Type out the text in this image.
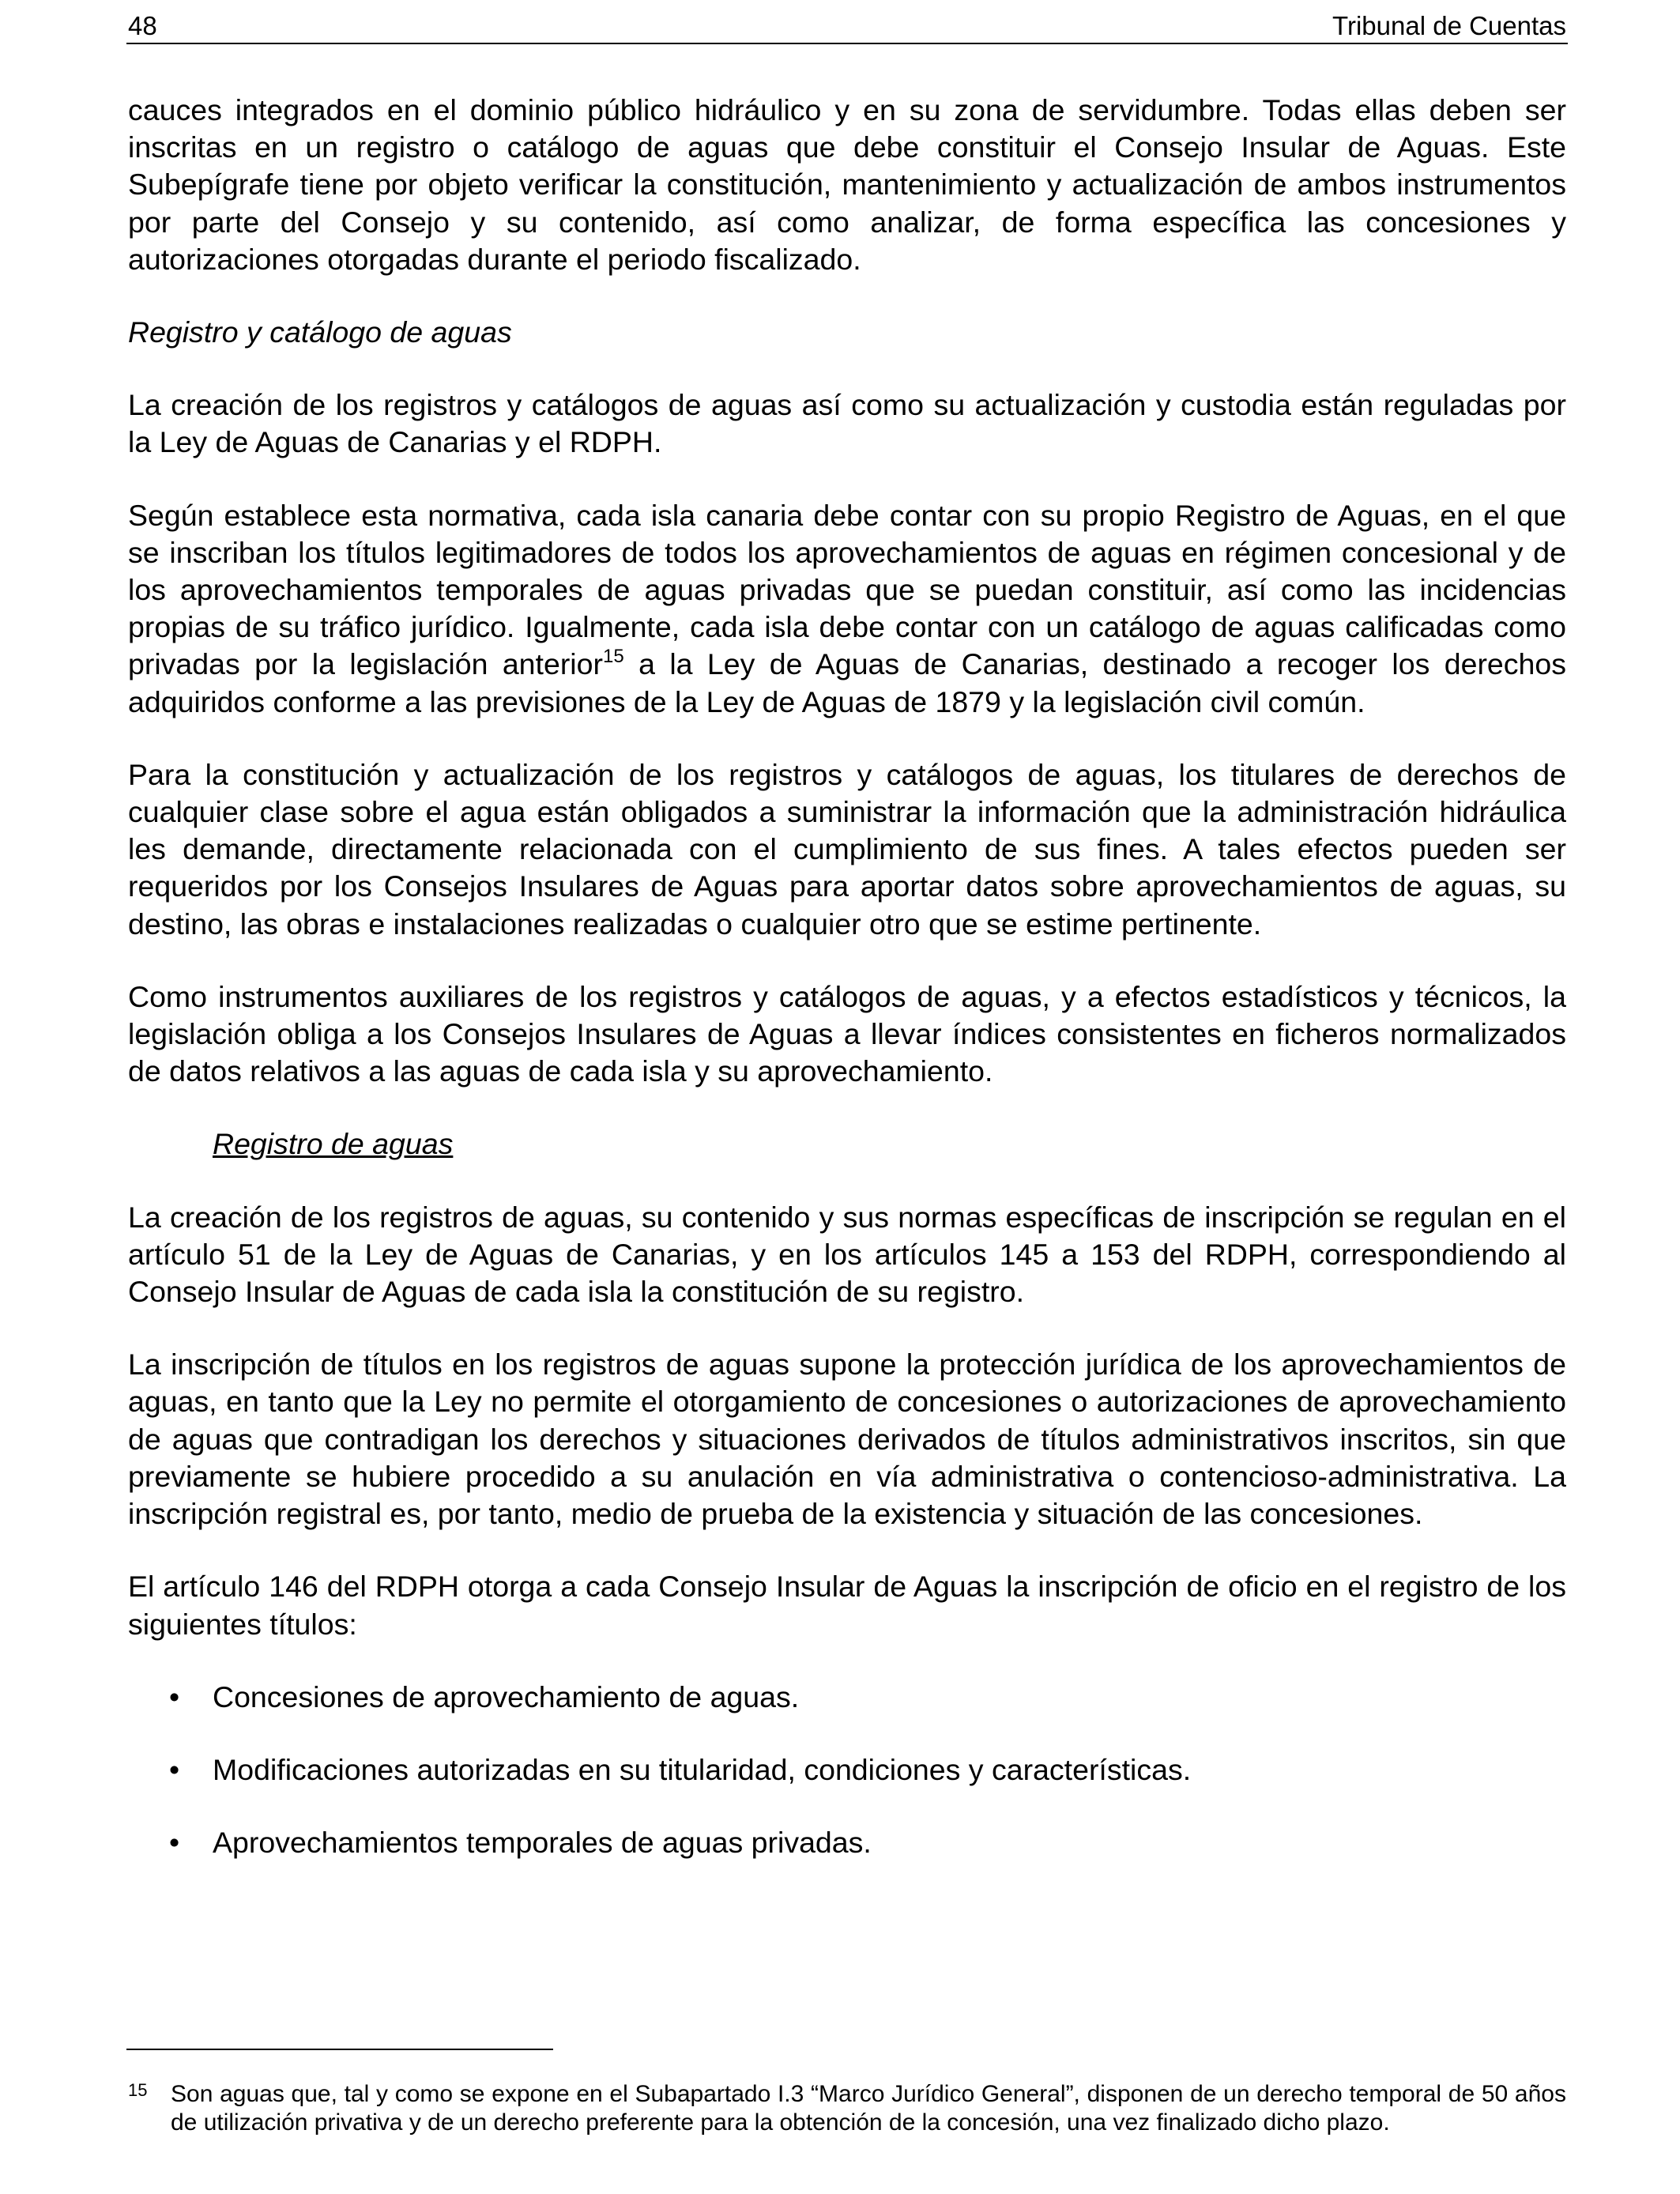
48	Tribunal de Cuentas

cauces integrados en el dominio público hidráulico y en su zona de servidumbre. Todas ellas deben ser inscritas en un registro o catálogo de aguas que debe constituir el Consejo Insular de Aguas. Este Subepígrafe tiene por objeto verificar la constitución, mantenimiento y actualización de ambos instrumentos por parte del Consejo y su contenido, así como analizar, de forma específica las concesiones y autorizaciones otorgadas durante el periodo fiscalizado.

Registro y catálogo de aguas

La creación de los registros y catálogos de aguas así como su actualización y custodia están reguladas por la Ley de Aguas de Canarias y el RDPH.

Según establece esta normativa, cada isla canaria debe contar con su propio Registro de Aguas, en el que se inscriban los títulos legitimadores de todos los aprovechamientos de aguas en régimen concesional y de los aprovechamientos temporales de aguas privadas que se puedan constituir, así como las incidencias propias de su tráfico jurídico. Igualmente, cada isla debe contar con un catálogo de aguas calificadas como privadas por la legislación anterior$^{15}$ a la Ley de Aguas de Canarias, destinado a recoger los derechos adquiridos conforme a las previsiones de la Ley de Aguas de 1879 y la legislación civil común.

Para la constitución y actualización de los registros y catálogos de aguas, los titulares de derechos de cualquier clase sobre el agua están obligados a suministrar la información que la administración hidráulica les demande, directamente relacionada con el cumplimiento de sus fines. A tales efectos pueden ser requeridos por los Consejos Insulares de Aguas para aportar datos sobre aprovechamientos de aguas, su destino, las obras e instalaciones realizadas o cualquier otro que se estime pertinente.

Como instrumentos auxiliares de los registros y catálogos de aguas, y a efectos estadísticos y técnicos, la legislación obliga a los Consejos Insulares de Aguas a llevar índices consistentes en ficheros normalizados de datos relativos a las aguas de cada isla y su aprovechamiento.

Registro de aguas

La creación de los registros de aguas, su contenido y sus normas específicas de inscripción se regulan en el artículo 51 de la Ley de Aguas de Canarias, y en los artículos 145 a 153 del RDPH, correspondiendo al Consejo Insular de Aguas de cada isla la constitución de su registro.

La inscripción de títulos en los registros de aguas supone la protección jurídica de los aprovechamientos de aguas, en tanto que la Ley no permite el otorgamiento de concesiones o autorizaciones de aprovechamiento de aguas que contradigan los derechos y situaciones derivados de títulos administrativos inscritos, sin que previamente se hubiere procedido a su anulación en vía administrativa o contencioso-administrativa. La inscripción registral es, por tanto, medio de prueba de la existencia y situación de las concesiones.

El artículo 146 del RDPH otorga a cada Consejo Insular de Aguas la inscripción de oficio en el registro de los siguientes títulos:

• Concesiones de aprovechamiento de aguas.
• Modificaciones autorizadas en su titularidad, condiciones y características.
• Aprovechamientos temporales de aguas privadas.
15 Son aguas que, tal y como se expone en el Subapartado I.3 “Marco Jurídico General”, disponen de un derecho temporal de 50 años de utilización privativa y de un derecho preferente para la obtención de la concesión, una vez finalizado dicho plazo.
